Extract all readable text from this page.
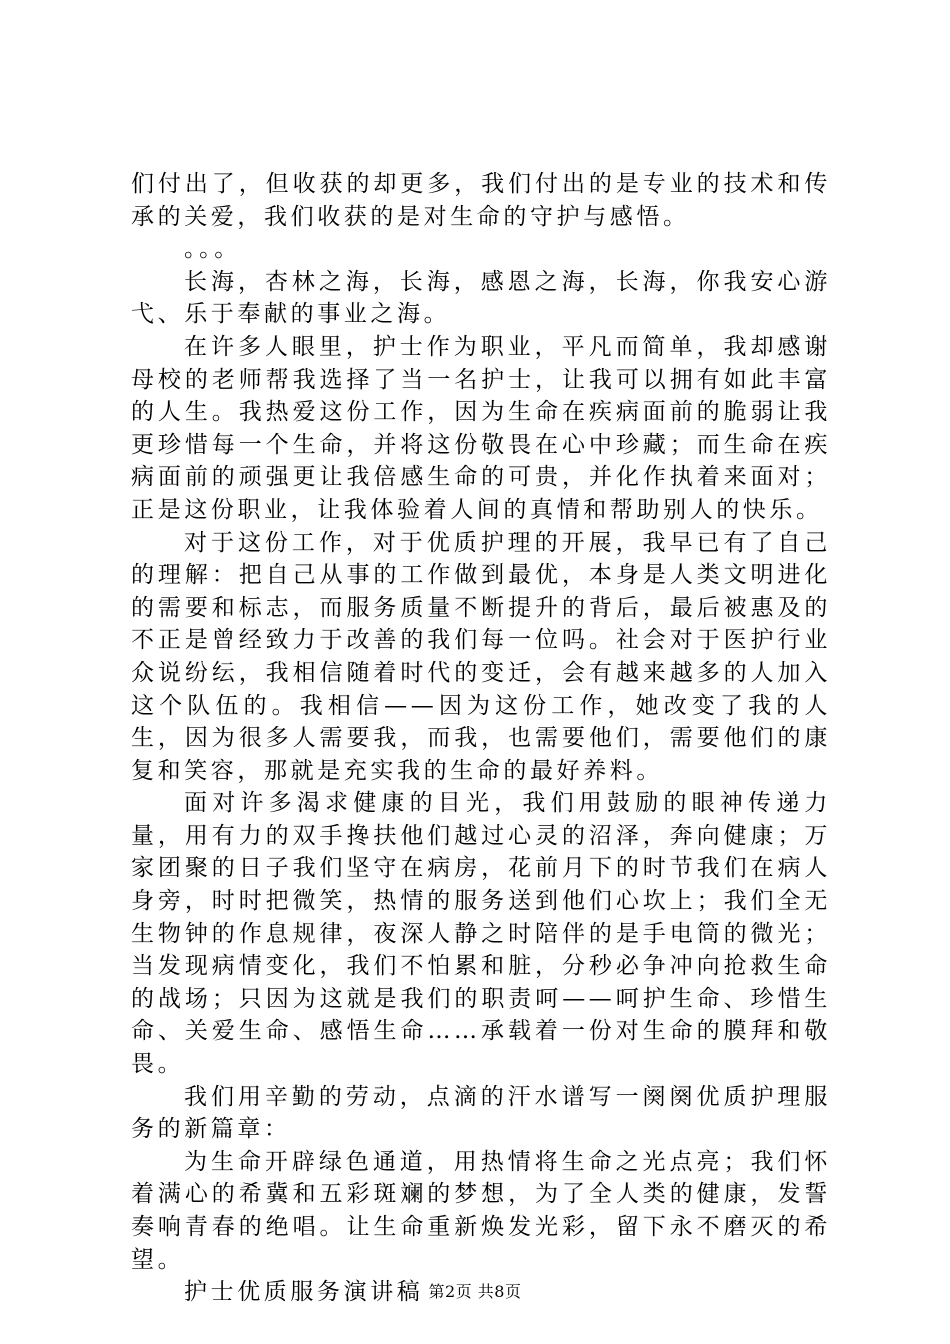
们付出了，但收获的却更多，我们付出的是专业的技术和传承的关爱，我们收获的是对生命的守护与感悟。

。。。

长海，杏林之海，长海，感恩之海，长海，你我安心游弋、乐于奉献的事业之海。

在许多人眼里，护士作为职业，平凡而简单，我却感谢母校的老师帮我选择了当一名护士，让我可以拥有如此丰富的人生。我热爱这份工作，因为生命在疾病面前的脆弱让我更珍惜每一个生命，并将这份敬畏在心中珍藏；而生命在疾病面前的顽强更让我倍感生命的可贵，并化作执着来面对；正是这份职业，让我体验着人间的真情和帮助别人的快乐。

对于这份工作，对于优质护理的开展，我早已有了自己的理解：把自己从事的工作做到最优，本身是人类文明进化的需要和标志，而服务质量不断提升的背后，最后被惠及的不正是曾经致力于改善的我们每一位吗。社会对于医护行业众说纷纭，我相信随着时代的变迁，会有越来越多的人加入这个队伍的。我相信——因为这份工作，她改变了我的人生，因为很多人需要我，而我，也需要他们，需要他们的康复和笑容，那就是充实我的生命的最好养料。

面对许多渴求健康的目光，我们用鼓励的眼神传递力量，用有力的双手搀扶他们越过心灵的沼泽，奔向健康；万家团聚的日子我们坚守在病房，花前月下的时节我们在病人身旁，时时把微笑，热情的服务送到他们心坎上；我们全无生物钟的作息规律，夜深人静之时陪伴的是手电筒的微光；当发现病情变化，我们不怕累和脏，分秒必争冲向抢救生命的战场；只因为这就是我们的职责呵——呵护生命、珍惜生命、关爱生命、感悟生命……承载着一份对生命的膜拜和敬畏。

我们用辛勤的劳动，点滴的汗水谱写一阕阕优质护理服务的新篇章：

为生命开辟绿色通道，用热情将生命之光点亮；我们怀着满心的希冀和五彩斑斓的梦想，为了全人类的健康，发誓奏响青春的绝唱。让生命重新焕发光彩，留下永不磨灭的希望。

护士优质服务演讲稿 第2页 共8页
